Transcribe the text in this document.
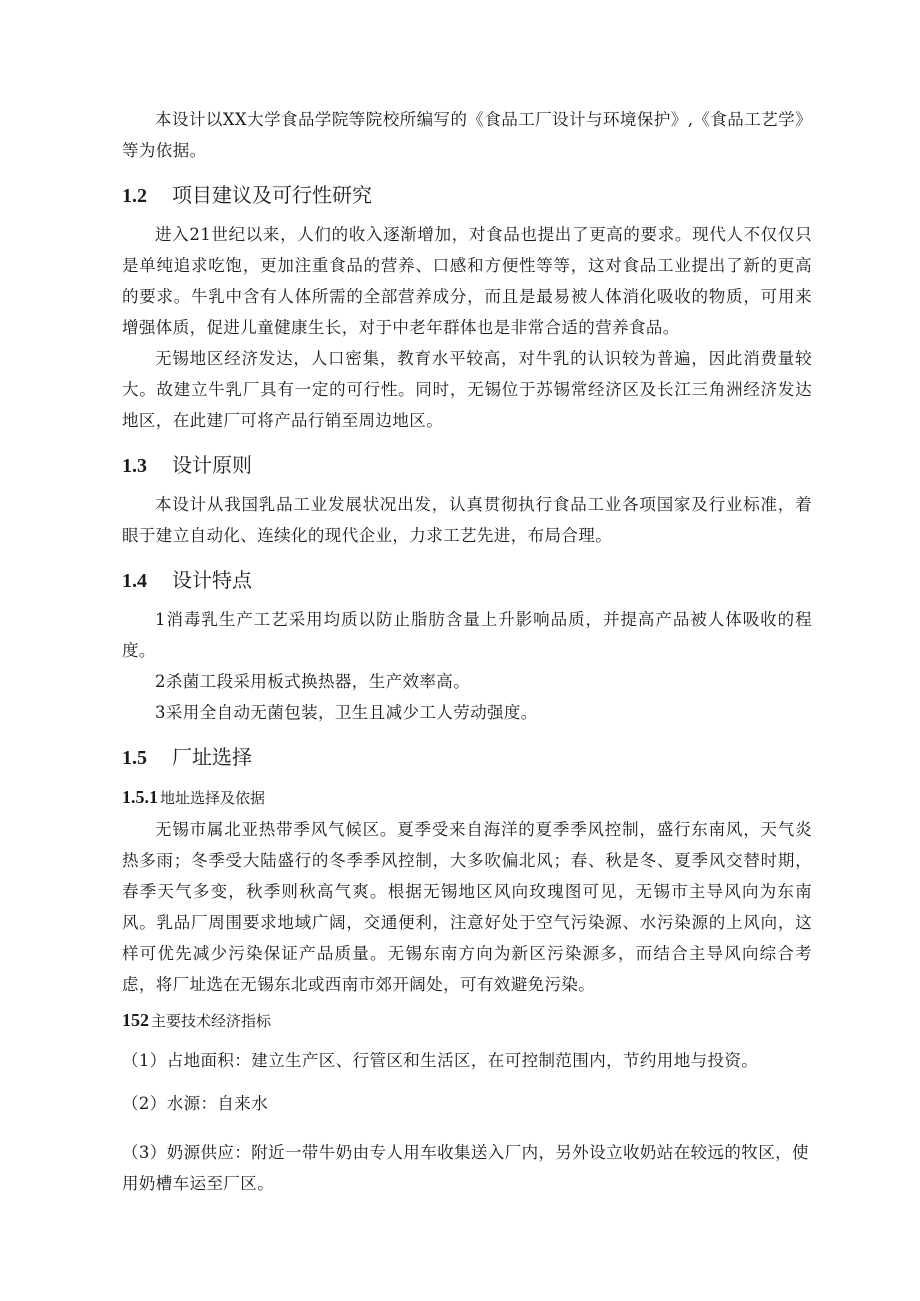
本设计以XX大学食品学院等院校所编写的《食品工厂设计与环境保护》,《食品工艺学》等为依据。

1.2	项目建议及可行性研究

进入21世纪以来，人们的收入逐渐增加，对食品也提出了更高的要求。现代人不仅仅只是单纯追求吃饱，更加注重食品的营养、口感和方便性等等，这对食品工业提出了新的更高的要求。牛乳中含有人体所需的全部营养成分，而且是最易被人体消化吸收的物质，可用来增强体质，促进儿童健康生长，对于中老年群体也是非常合适的营养食品。

无锡地区经济发达，人口密集，教育水平较高，对牛乳的认识较为普遍，因此消费量较大。故建立牛乳厂具有一定的可行性。同时，无锡位于苏锡常经济区及长江三角洲经济发达地区，在此建厂可将产品行销至周边地区。

1.3	设计原则

本设计从我国乳品工业发展状况出发，认真贯彻执行食品工业各项国家及行业标准，着眼于建立自动化、连续化的现代企业，力求工艺先进，布局合理。

1.4	设计特点

1消毒乳生产工艺采用均质以防止脂肪含量上升影响品质，并提高产品被人体吸收的程度。

2杀菌工段采用板式换热器，生产效率高。

3采用全自动无菌包装，卫生且减少工人劳动强度。

1.5	厂址选择
1.5.1 地址选择及依据

无锡市属北亚热带季风气候区。夏季受来自海洋的夏季季风控制，盛行东南风，天气炎热多雨；冬季受大陆盛行的冬季季风控制，大多吹偏北风；春、秋是冬、夏季风交替时期，春季天气多变，秋季则秋高气爽。根据无锡地区风向玫瑰图可见，无锡市主导风向为东南风。乳品厂周围要求地域广阔，交通便利，注意好处于空气污染源、水污染源的上风向，这样可优先减少污染保证产品质量。无锡东南方向为新区污染源多，而结合主导风向综合考虑，将厂址选在无锡东北或西南市郊开阔处，可有效避免污染。

152 主要技术经济指标

（1）占地面积：建立生产区、行管区和生活区，在可控制范围内，节约用地与投资。

（2）水源：自来水

（3）奶源供应：附近一带牛奶由专人用车收集送入厂内，另外设立收奶站在较远的牧区，使用奶槽车运至厂区。
